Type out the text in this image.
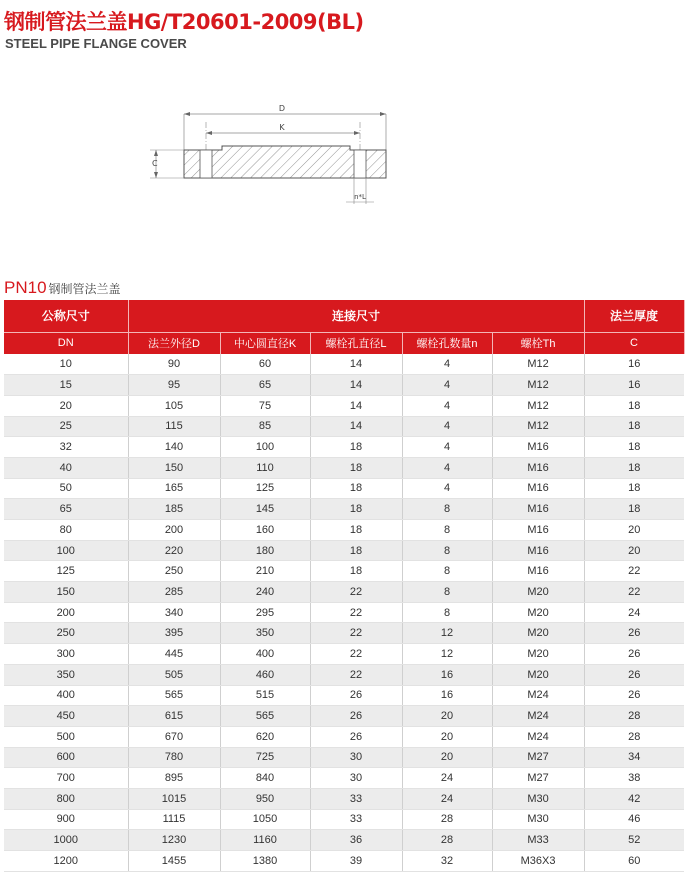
钢制管法兰盖HG/T20601-2009(BL)
STEEL PIPE FLANGE COVER
D
K
C
n*L
PN10 钢制管法兰盖
公称尺寸	连接尺寸					法兰厚度
DN	法兰外径D	中心圆直径K	螺栓孔直径L	螺栓孔数量n	螺栓Th	C
10	90	60	14	4	M12	16
15	95	65	14	4	M12	16
20	105	75	14	4	M12	18
25	115	85	14	4	M12	18
32	140	100	18	4	M16	18
40	150	110	18	4	M16	18
50	165	125	18	4	M16	18
65	185	145	18	8	M16	18
80	200	160	18	8	M16	20
100	220	180	18	8	M16	20
125	250	210	18	8	M16	22
150	285	240	22	8	M20	22
200	340	295	22	8	M20	24
250	395	350	22	12	M20	26
300	445	400	22	12	M20	26
350	505	460	22	16	M20	26
400	565	515	26	16	M24	26
450	615	565	26	20	M24	28
500	670	620	26	20	M24	28
600	780	725	30	20	M27	34
700	895	840	30	24	M27	38
800	1015	950	33	24	M30	42
900	1115	1050	33	28	M30	46
1000	1230	1160	36	28	M33	52
1200	1455	1380	39	32	M36X3	60
